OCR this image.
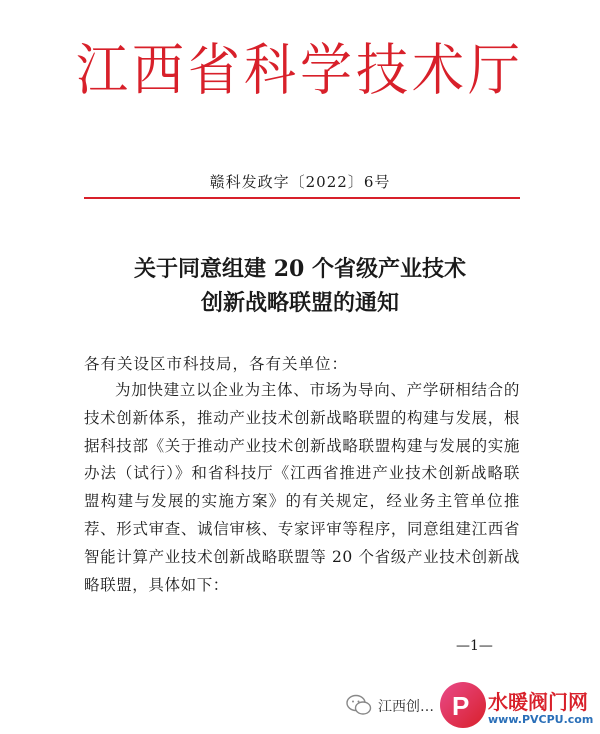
江西省科学技术厅
赣科发政字〔2022〕6号
关于同意组建 20 个省级产业技术
创新战略联盟的通知
各有关设区市科技局，各有关单位：

为加快建立以企业为主体、市场为导向、产学研相结合的技术创新体系，推动产业技术创新战略联盟的构建与发展，根据科技部《关于推动产业技术创新战略联盟构建与发展的实施办法（试行）》和省科技厅《江西省推进产业技术创新战略联盟构建与发展的实施方案》的有关规定，经业务主管单位推荐、形式审查、诚信审核、专家评审等程序，同意组建江西省智能计算产业技术创新战略联盟等 20 个省级产业技术创新战略联盟，具体如下：

—1—
江西创… P 水暖阀门网
www.PVCPU.com
